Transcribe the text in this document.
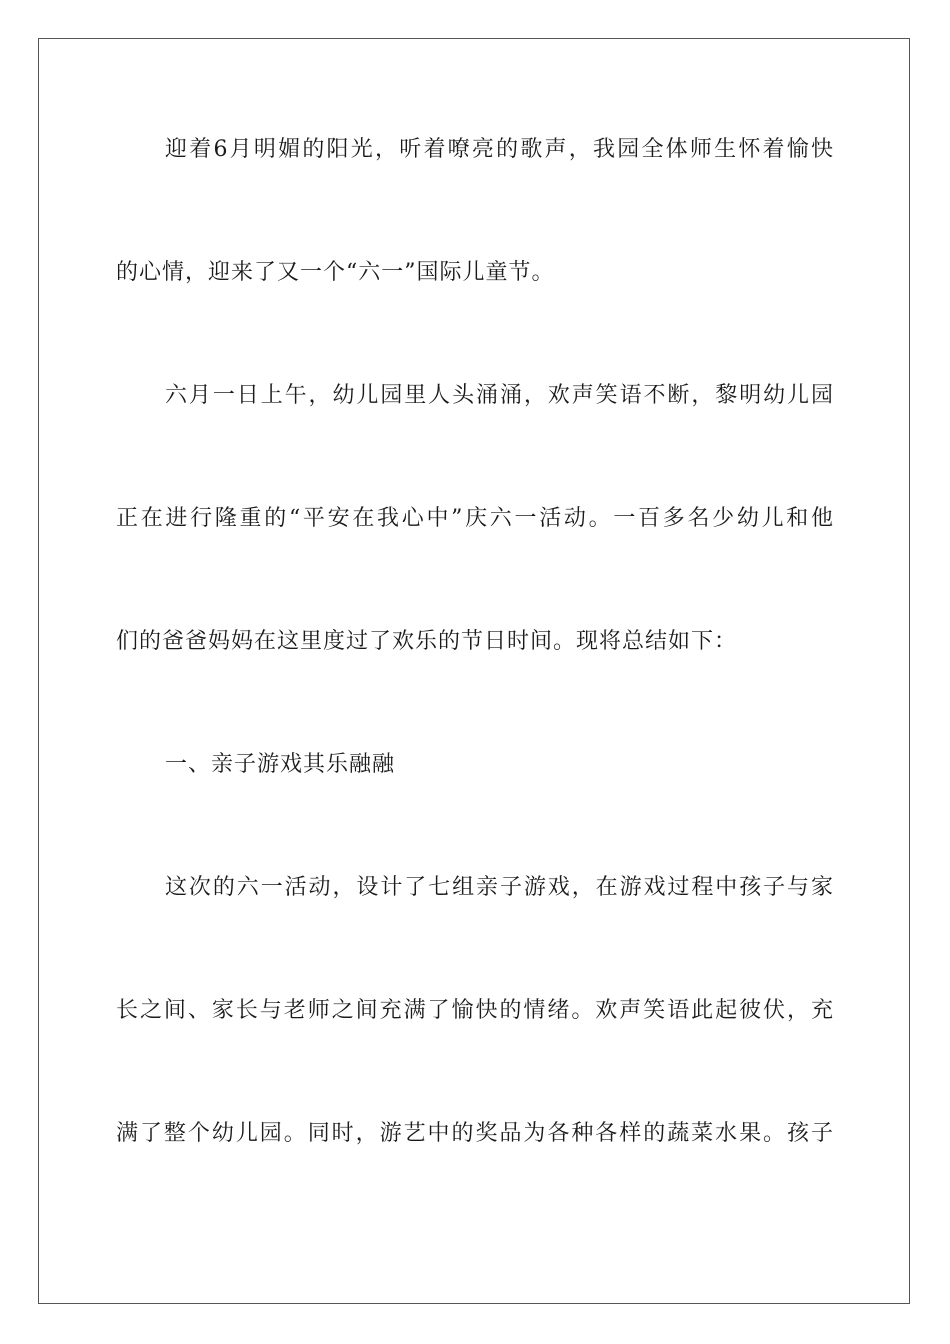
迎着6月明媚的阳光，听着嘹亮的歌声，我园全体师生怀着愉快
的心情，迎来了又一个“六一”国际儿童节。
六月一日上午，幼儿园里人头涌涌，欢声笑语不断，黎明幼儿园
正在进行隆重的“平安在我心中”庆六一活动。一百多名少幼儿和他
们的爸爸妈妈在这里度过了欢乐的节日时间。现将总结如下：
一、亲子游戏其乐融融
这次的六一活动，设计了七组亲子游戏，在游戏过程中孩子与家
长之间、家长与老师之间充满了愉快的情绪。欢声笑语此起彼伏，充
满了整个幼儿园。同时，游艺中的奖品为各种各样的蔬菜水果。孩子
